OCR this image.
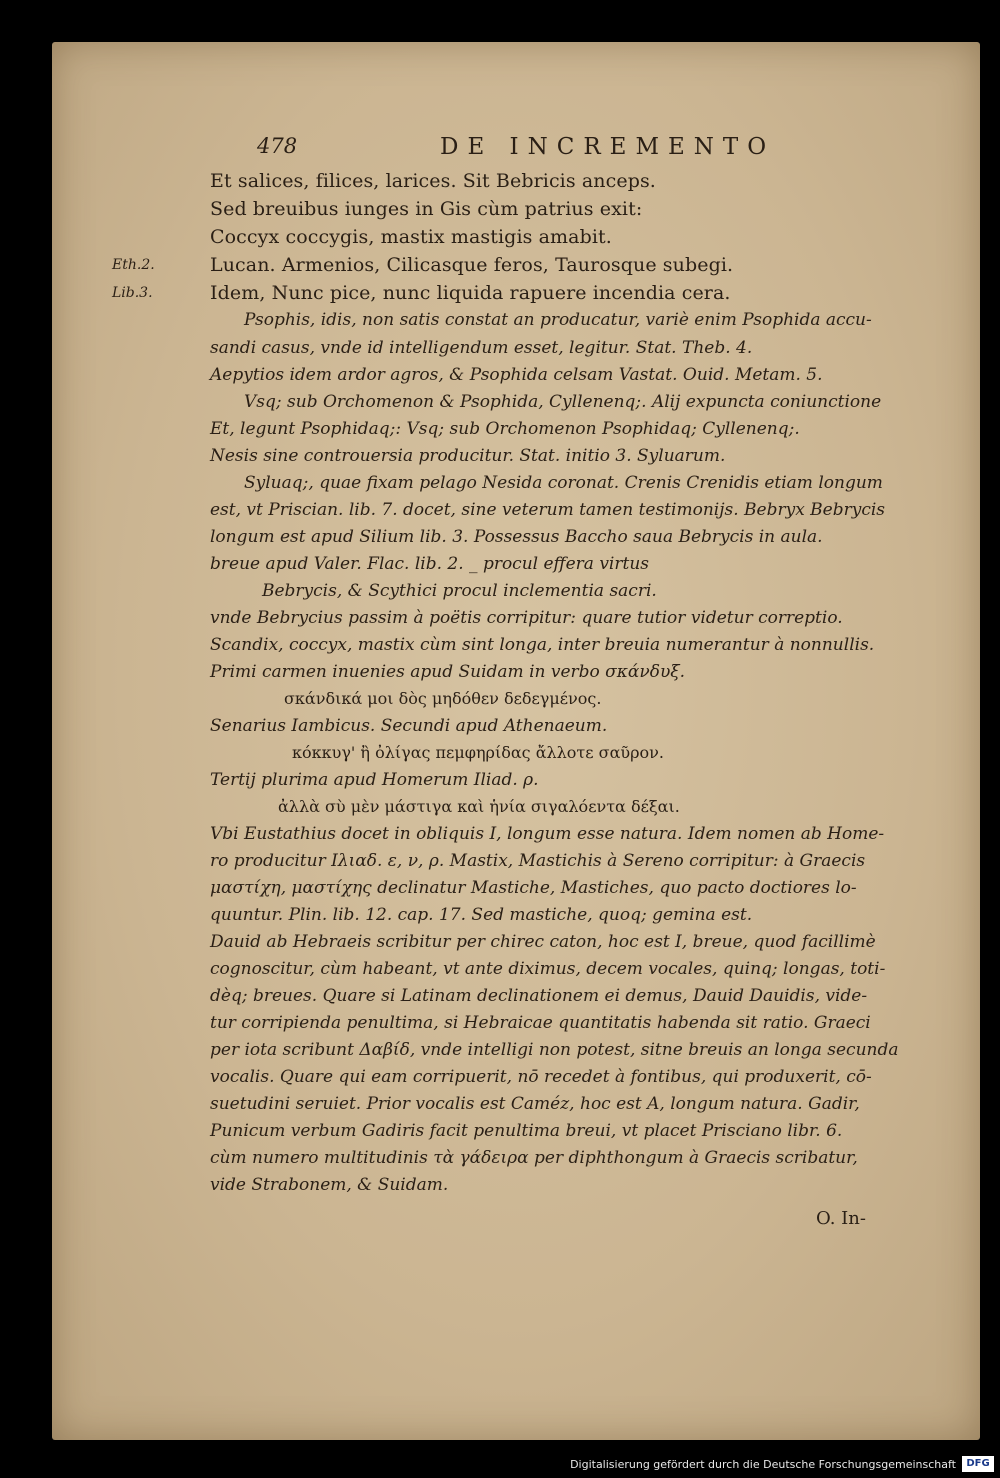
478	DE INCREMENTO
Eth.2.
Lib.3.
Et salices, filices, larices. Sit Bebricis anceps.
Sed breuibus iunges in Gis cùm patrius exit:
Coccyx coccygis, mastix mastigis amabit.
Lucan. Armenios, Cilicasque feros, Taurosque subegi.
Idem, Nunc pice, nunc liquida rapuere incendia cera.
Psophis, idis, non satis constat an producatur, variè enim Psophida accu-
sandi casus, vnde id intelligendum esset, legitur. Stat. Theb. 4.
Aepytios idem ardor agros, & Psophida celsam Vastat. Ouid. Metam. 5.
Vsq; sub Orchomenon & Psophida, Cyllenenq;. Alij expuncta coniunctione
Et, legunt Psophidaq;: Vsq; sub Orchomenon Psophidaq; Cyllenenq;.
Nesis sine controuersia producitur. Stat. initio 3. Syluarum.
Syluaq;, quae fixam pelago Nesida coronat. Crenis Crenidis etiam longum
est, vt Priscian. lib. 7. docet, sine veterum tamen testimonijs. Bebryx Bebrycis
longum est apud Silium lib. 3. Possessus Baccho saua Bebrycis in aula.
breue apud Valer. Flac. lib. 2. _ procul effera virtus
Bebrycis, & Scythici procul inclementia sacri.
vnde Bebrycius passim à poëtis corripitur: quare tutior videtur correptio.
Scandix, coccyx, mastix cùm sint longa, inter breuia numerantur à nonnullis.
Primi carmen inuenies apud Suidam in verbo σκάνδυξ.
σκάνδικά μοι δὸς μηδόθεν δεδεγμένος.
Senarius Iambicus. Secundi apud Athenaeum.
κόκκυγ' ἢ ὀλίγας πεμφηρίδας ἄλλοτε σαῦρον.
Tertij plurima apud Homerum Iliad. ρ.
ἀλλὰ σὺ μὲν μάστιγα καὶ ἡνία σιγαλόεντα δέξαι.
Vbi Eustathius docet in obliquis I, longum esse natura. Idem nomen ab Home-
ro producitur Ιλιαδ. ε, ν, ρ. Mastix, Mastichis à Sereno corripitur: à Graecis
μαστίχη, μαστίχης declinatur Mastiche, Mastiches, quo pacto doctiores lo-
quuntur. Plin. lib. 12. cap. 17. Sed mastiche, quoq; gemina est.
Dauid ab Hebraeis scribitur per chirec caton, hoc est I, breue, quod facillimè
cognoscitur, cùm habeant, vt ante diximus, decem vocales, quinq; longas, toti-
dèq; breues. Quare si Latinam declinationem ei demus, Dauid Dauidis, vide-
tur corripienda penultima, si Hebraicae quantitatis habenda sit ratio. Graeci
per iota scribunt Δαβίδ, vnde intelligi non potest, sitne breuis an longa secunda
vocalis. Quare qui eam corripuerit, nō recedet à fontibus, qui produxerit, cō-
suetudini seruiet. Prior vocalis est Caméz, hoc est A, longum natura. Gadir,
Punicum verbum Gadiris facit penultima breui, vt placet Prisciano libr. 6.
cùm numero multitudinis τὰ γάδειρα per diphthongum à Graecis scribatur,
vide Strabonem, & Suidam.
O. In-
Digitalisierung gefördert durch die Deutsche Forschungsgemeinschaft	DFG
